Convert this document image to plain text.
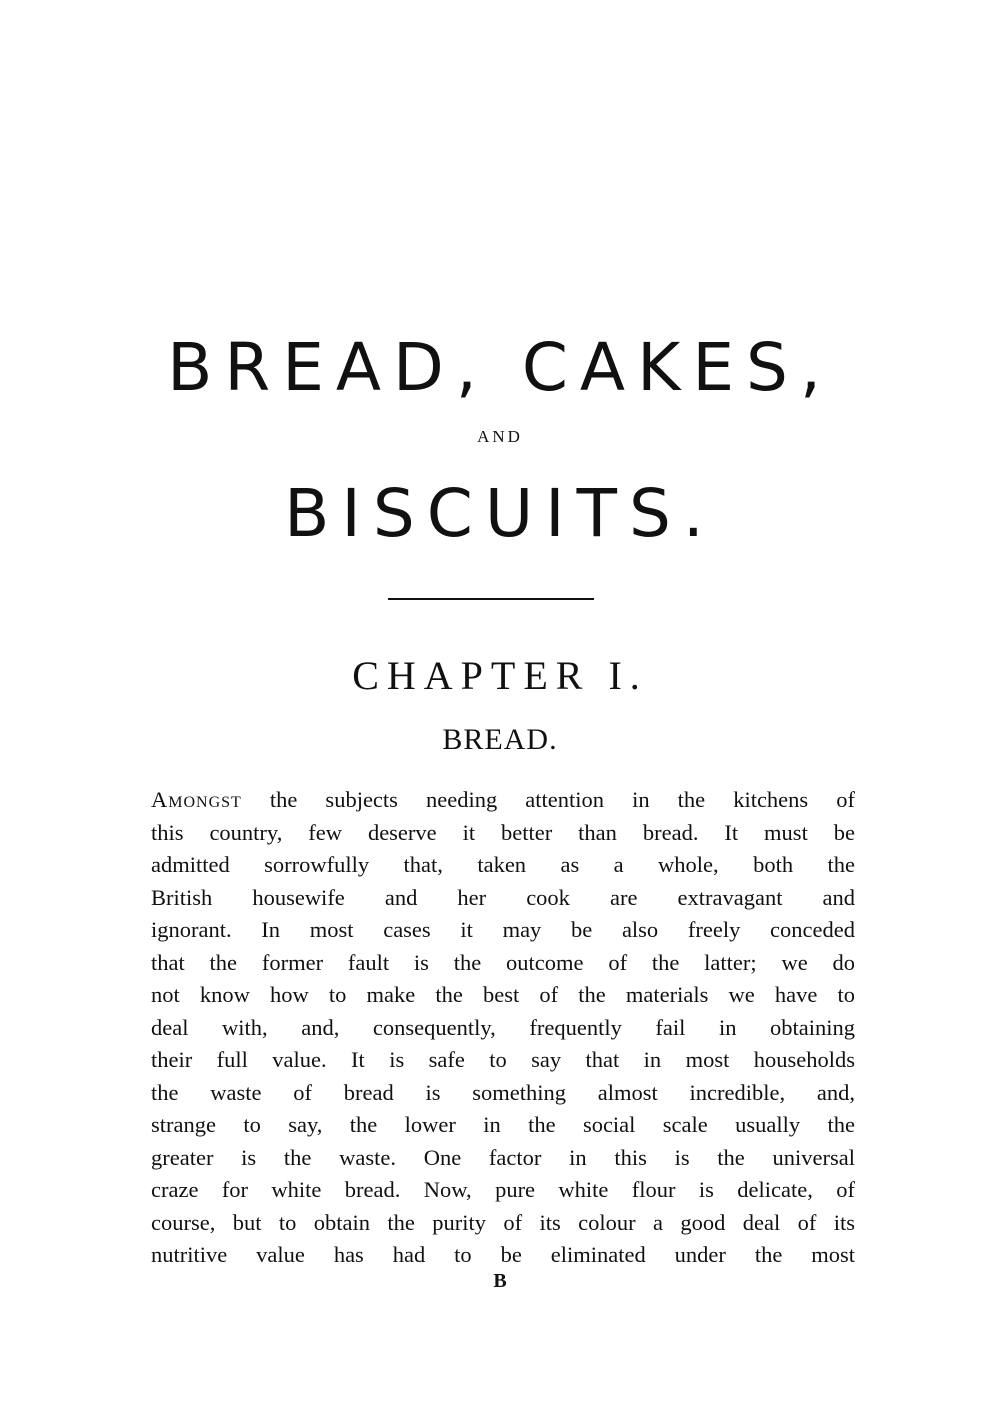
BREAD, CAKES,
AND
BISCUITS.
CHAPTER I.
BREAD.
Amongst the subjects needing attention in the kitchens of
this country, few deserve it better than bread. It must be
admitted sorrowfully that, taken as a whole, both the
British housewife and her cook are extravagant and
ignorant. In most cases it may be also freely conceded
that the former fault is the outcome of the latter; we do
not know how to make the best of the materials we have to
deal with, and, consequently, frequently fail in obtaining
their full value. It is safe to say that in most households
the waste of bread is something almost incredible, and,
strange to say, the lower in the social scale usually the
greater is the waste. One factor in this is the universal
craze for white bread. Now, pure white flour is delicate, of
course, but to obtain the purity of its colour a good deal of its
nutritive value has had to be eliminated under the most
B
